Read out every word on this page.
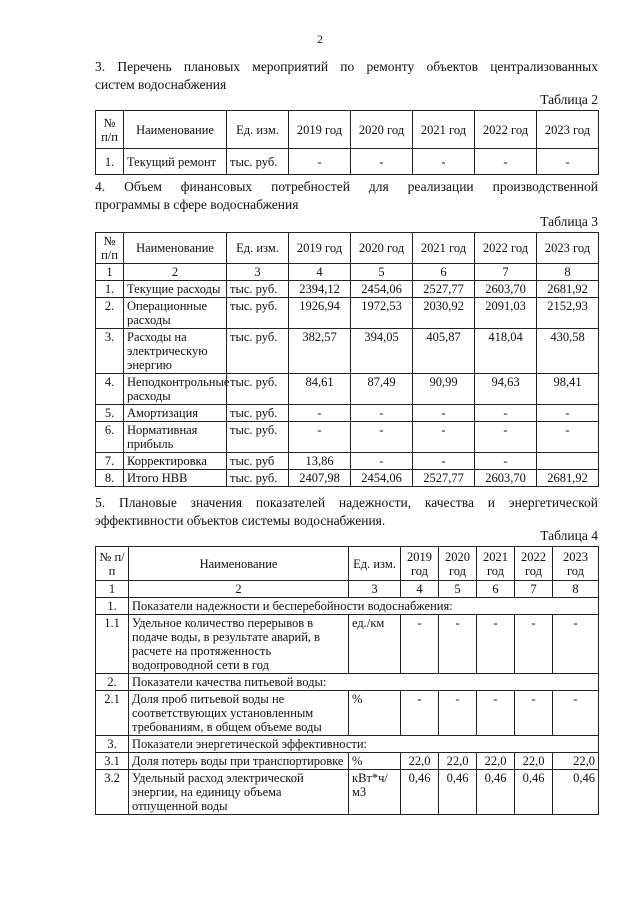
2
3. Перечень плановых мероприятий по ремонту объектов централизованных
систем водоснабжения
Таблица 2
№ п/п	Наименование	Ед. изм.	2019 год	2020 год	2021 год	2022 год	2023 год
1.	Текущий ремонт	тыс. руб.	-	-	-	-	-
4. Объем финансовых потребностей для реализации производственной
программы в сфере водоснабжения
Таблица 3
№ п/п	Наименование	Ед. изм.	2019 год	2020 год	2021 год	2022 год	2023 год
1	2	3	4	5	6	7	8
1.	Текущие расходы	тыс. руб.	2394,12	2454,06	2527,77	2603,70	2681,92
2.	Операционные расходы	тыс. руб.	1926,94	1972,53	2030,92	2091,03	2152,93
3.	Расходы на электрическую энергию	тыс. руб.	382,57	394,05	405,87	418,04	430,58
4.	Неподконтрольные расходы	тыс. руб.	84,61	87,49	90,99	94,63	98,41
5.	Амортизация	тыс. руб.	-	-	-	-	-
6.	Нормативная прибыль	тыс. руб.	-	-	-	-	-
7.	Корректировка	тыс. руб	13,86	-	-	-	
8.	Итого НВВ	тыс. руб.	2407,98	2454,06	2527,77	2603,70	2681,92
5. Плановые значения показателей надежности, качества и энергетической
эффективности объектов системы водоснабжения.
Таблица 4
№ п/п	Наименование	Ед. изм.	2019 год	2020 год	2021 год	2022 год	2023 год
1	2	3	4	5	6	7	8
1.	Показатели надежности и бесперебойности водоснабжения:						
1.1	Удельное количество перерывов в подаче воды, в результате аварий, в расчете на протяженность водопроводной сети в год	ед./км	-	-	-	-	-
2.	Показатели качества питьевой воды:						
2.1	Доля проб питьевой воды не соответствующих установленным требованиям, в общем объеме воды	%	-	-	-	-	-
3.	Показатели энергетической эффективности:						
3.1	Доля потерь воды при транспортировке	%	22,0	22,0	22,0	22,0	22,0
3.2	Удельный расход электрической энергии, на единицу объема отпущенной воды	кВт*ч/м3	0,46	0,46	0,46	0,46	0,46
